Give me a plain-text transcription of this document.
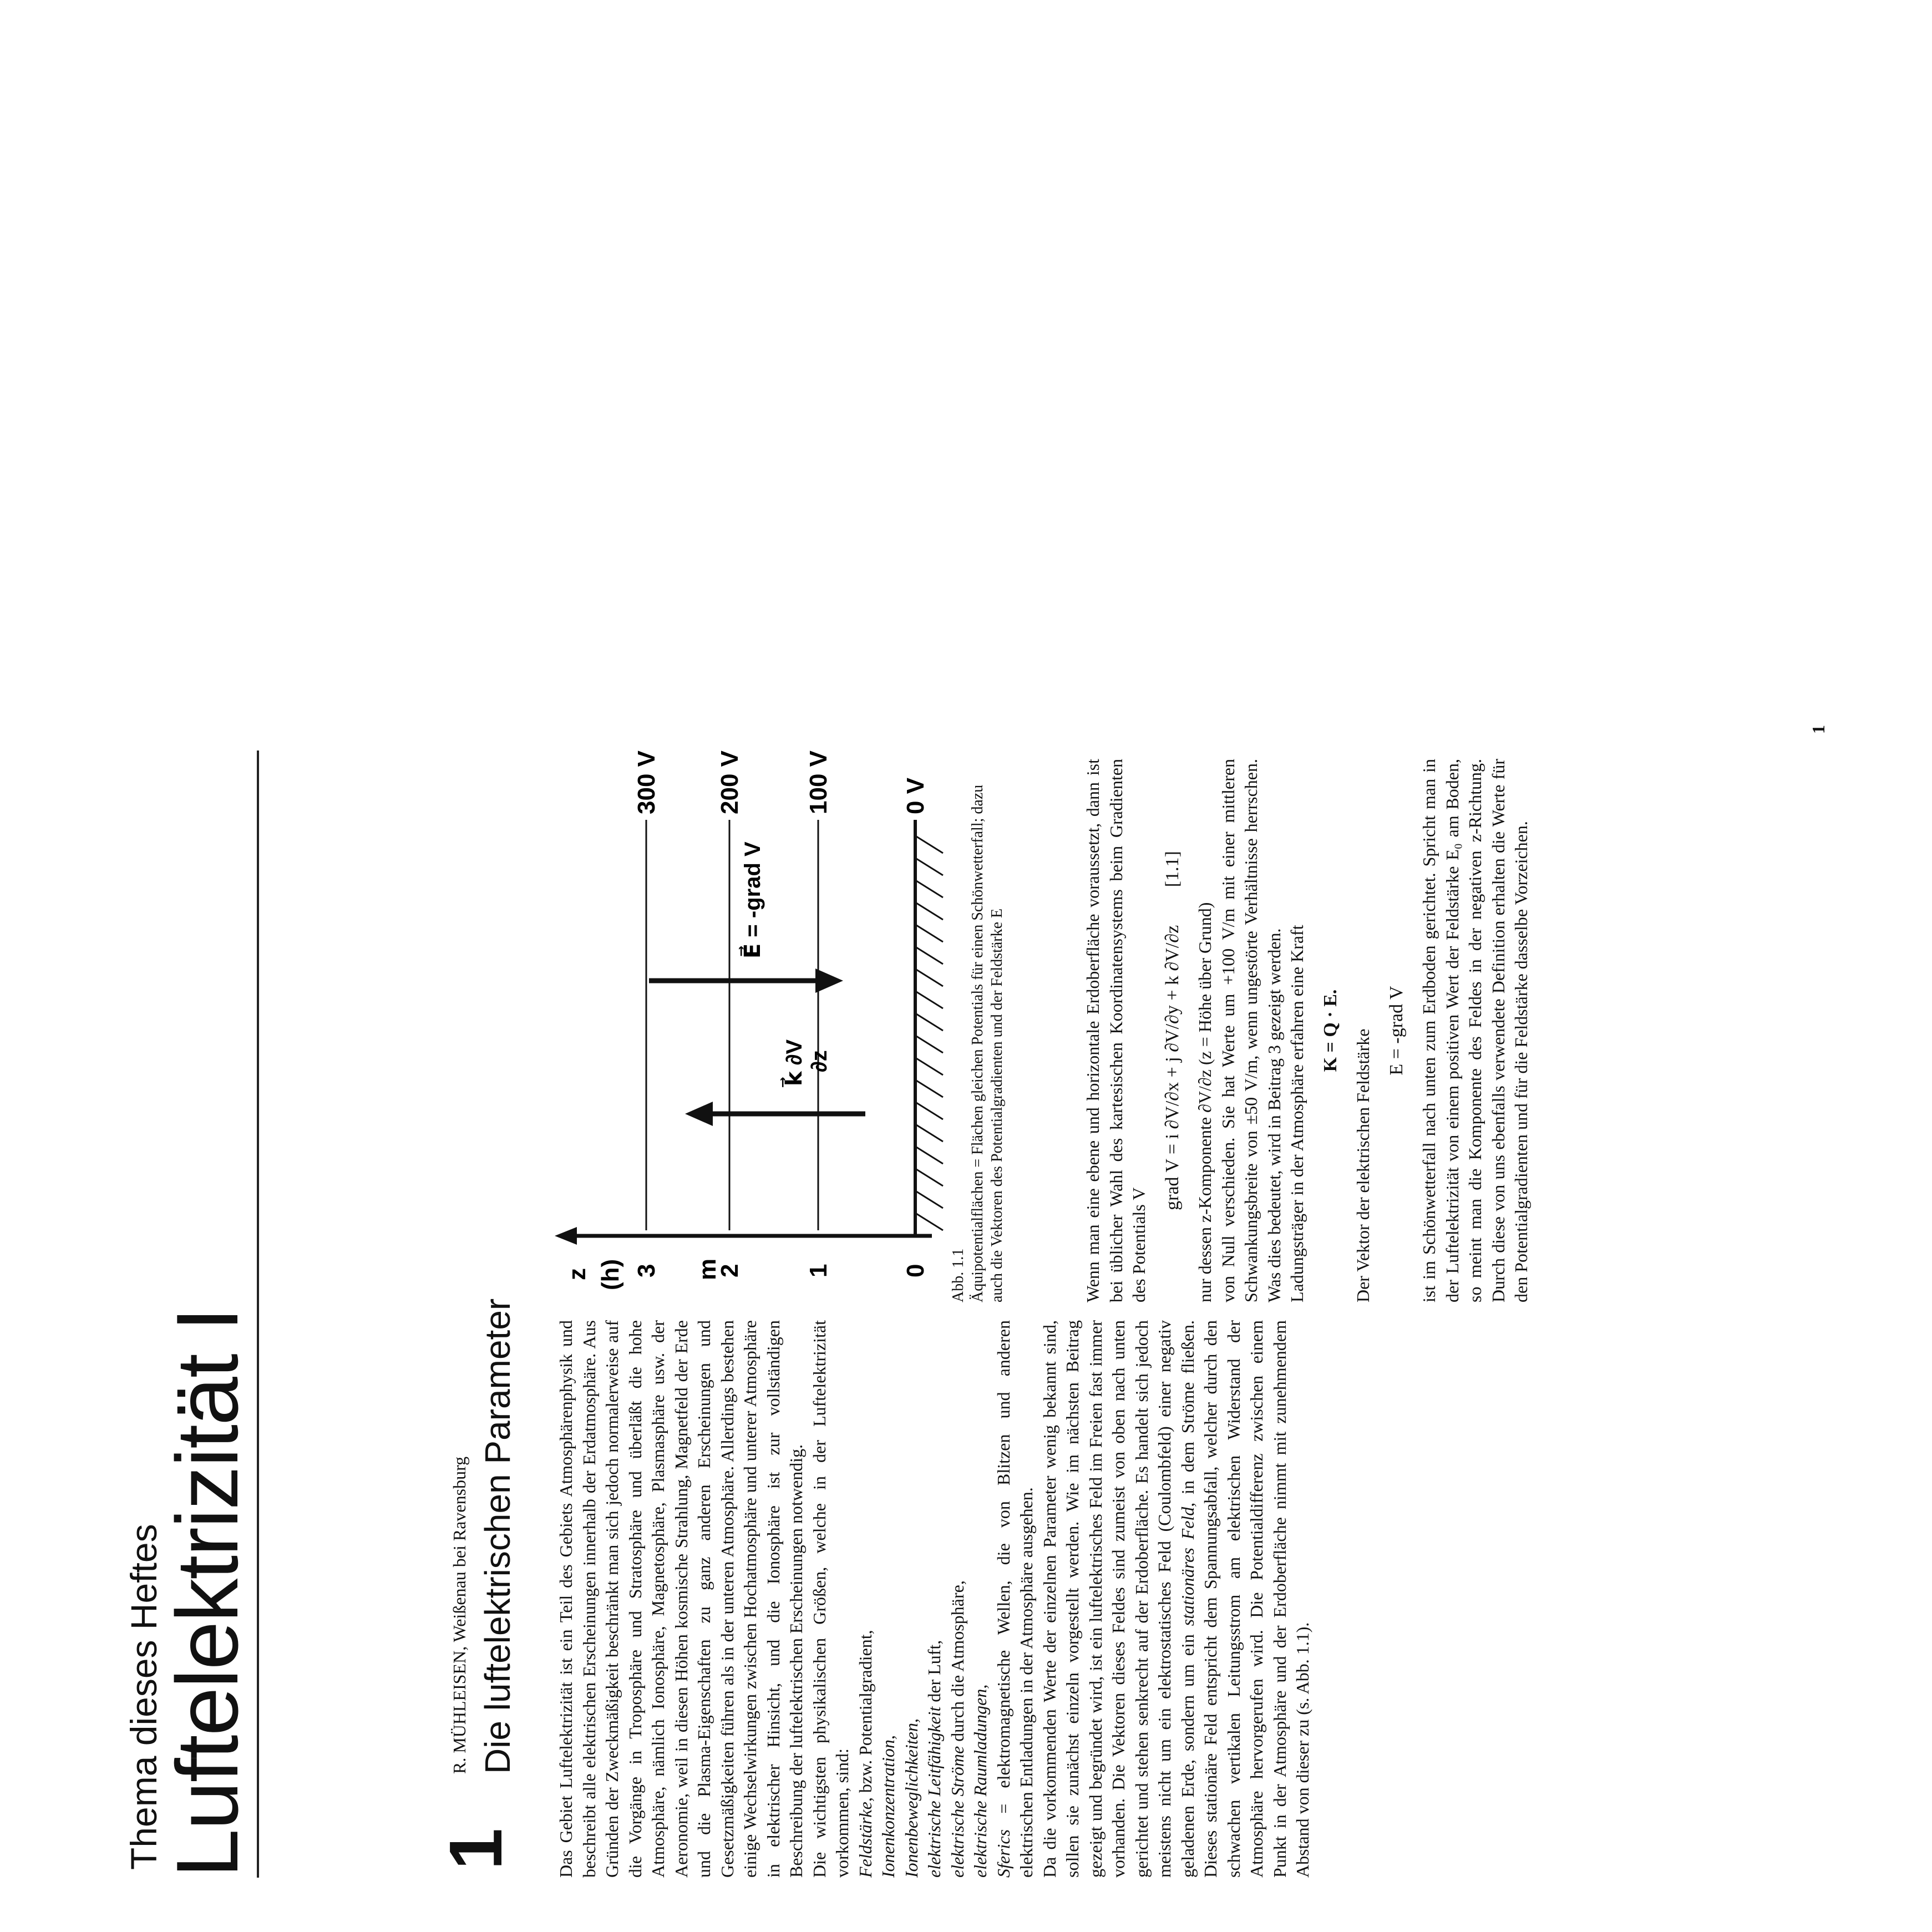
Thema dieses Heftes
Luftelektrizität I 1
R. MÜHLEISEN, Weißenau bei Ravensburg Die luftelektrischen Parameter Das Gebiet Luftelektrizität ist ein Teil des Gebiets Atmosphärenphysik und beschreibt alle elektrischen Erscheinungen innerhalb der Erdatmosphäre. Aus Gründen der Zweckmäßigkeit beschränkt man sich jedoch normalerweise auf die Vorgänge in Troposphäre und Stratosphäre und überläßt die hohe Atmosphäre, nämlich Ionosphäre, Magnetosphäre, Plasmasphäre usw. der Aeronomie, weil in diesen Höhen kosmische Strahlung, Magnetfeld der Erde und die Plasma-Eigenschaften zu ganz anderen Erscheinungen und Gesetzmäßigkeiten führen als in der unteren Atmosphäre. Allerdings bestehen einige Wechselwirkungen zwischen Hochatmosphäre und unterer Atmosphäre in elektrischer Hinsicht, und die Ionosphäre ist zur vollständigen Beschreibung der luftelektrischen Erscheinungen notwendig. Die wichtigsten physikalischen Größen, welche in der Luftelektrizität vorkommen, sind: Feldstärke, bzw. Potentialgradient,
Ionenkonzentration, Ionenbeweglichkeiten, elektrische Leitfähigkeit der Luft,
elektrische Ströme durch die Atmosphäre,
elektrische Raumladungen, Sferics = elektromagnetische Wellen, die von Blitzen und anderen elektrischen Entladungen in der Atmosphäre ausgehen. Da die vorkommenden Werte der einzelnen Parameter wenig bekannt sind, sollen sie zunächst einzeln vorgestellt werden. Wie im nächsten Beitrag gezeigt und begründet wird, ist ein luftelektrisches Feld im Freien fast immer vorhanden. Die Vektoren dieses Feldes sind zumeist von oben nach unten gerichtet und stehen senkrecht auf der Erdoberfläche. Es handelt sich jedoch meistens nicht um ein elektrostatisches Feld (Coulombfeld) einer negativ geladenen Erde, sondern um ein stationäres Feld, in dem Ströme fließen. Dieses stationäre Feld entspricht dem Spannungsabfall, welcher durch den schwachen vertikalen Leitungsstrom am elektrischen Widerstand der Atmosphäre hervorgerufen wird. Die Potentialdifferenz zwischen einem Punkt in der Atmosphäre und der Erdoberfläche nimmt mit zunehmendem Abstand von dieser zu (s. Abb. 1.1).

z (h)	m
3 2	1	0
k⃗ ∂V ∂z
E⃗ = -grad V
300 V 200 V	100 V	0 V
Abb. 1.1 Äquipotentialflächen = Flächen gleichen Potentials für einen Schönwetterfall; dazu auch die Vektoren des Potentialgradienten und der Feldstärke E	Wenn man eine ebene und horizontale Erdoberfläche voraussetzt, dann ist bei üblicher Wahl des kartesischen Koordinatensystems beim Gradienten des Potentials V

grad V = i ∂V/∂x + j ∂V/∂y + k ∂V/∂z [1.1]

nur dessen z-Komponente ∂V/∂z (z = Höhe über Grund) von Null verschieden. Sie hat Werte um +100 V/m mit einer mittleren Schwankungsbreite von ±50 V/m, wenn ungestörte Verhältnisse herrschen. Was dies bedeutet, wird in Beitrag 3 gezeigt werden. Ladungsträger in der Atmosphäre erfahren eine Kraft K = Q · E. Der Vektor der elektrischen Feldstärke E = -grad V ist im Schönwetterfall nach unten zum Erdboden gerichtet. Spricht man in der Luftelektrizität von einem positiven Wert der Feldstärke E₀ am Boden, so meint man die Komponente des Feldes in der negativen z-Richtung. Durch diese von uns ebenfalls verwendete Definition erhalten die Werte für den Potentialgradienten und für die Feldstärke dasselbe Vorzeichen.

1
